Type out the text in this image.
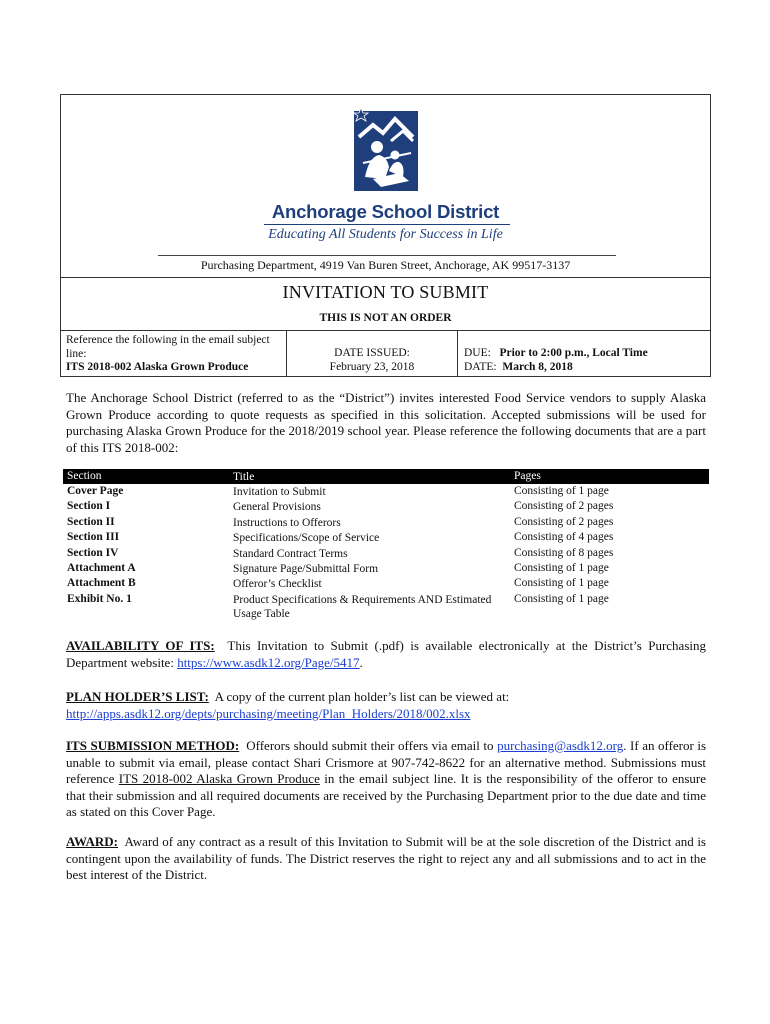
Anchorage School District
Educating All Students for Success in Life
Purchasing Department, 4919 Van Buren Street, Anchorage, AK 99517-3137
INVITATION TO SUBMIT
THIS IS NOT AN ORDER
Reference the following in the email subject
line:
ITS 2018-002 Alaska Grown Produce
DATE ISSUED:
February 23, 2018
DUE: Prior to 2:00 p.m., Local Time
DATE: March 8, 2018
The Anchorage School District (referred to as the “District”) invites interested Food Service vendors to supply Alaska Grown Produce according to quote requests as specified in this solicitation. Accepted submissions will be used for purchasing Alaska Grown Produce for the 2018/2019 school year. Please reference the following documents that are a part of this ITS 2018-002:
Section	Title	Pages
Cover Page	Invitation to Submit	Consisting of 1 page
Section I	General Provisions	Consisting of 2 pages
Section II	Instructions to Offerors	Consisting of 2 pages
Section III	Specifications/Scope of Service	Consisting of 4 pages
Section IV	Standard Contract Terms	Consisting of 8 pages
Attachment A	Signature Page/Submittal Form	Consisting of 1 page
Attachment B	Offeror’s Checklist	Consisting of 1 page
Exhibit No. 1	Product Specifications & Requirements AND Estimated Usage Table
Consisting of 1 page
AVAILABILITY OF ITS: This Invitation to Submit (.pdf) is available electronically at the District’s Purchasing Department website: https://www.asdk12.org/Page/5417.
PLAN HOLDER’S LIST: A copy of the current plan holder’s list can be viewed at:
http://apps.asdk12.org/depts/purchasing/meeting/Plan_Holders/2018/002.xlsx
ITS SUBMISSION METHOD: Offerors should submit their offers via email to purchasing@asdk12.org. If an offeror is unable to submit via email, please contact Shari Crismore at 907-742-8622 for an alternative method. Submissions must reference ITS 2018-002 Alaska Grown Produce in the email subject line. It is the responsibility of the offeror to ensure that their submission and all required documents are received by the Purchasing Department prior to the due date and time as stated on this Cover Page.
AWARD: Award of any contract as a result of this Invitation to Submit will be at the sole discretion of the District and is contingent upon the availability of funds. The District reserves the right to reject any and all submissions and to act in the best interest of the District.
